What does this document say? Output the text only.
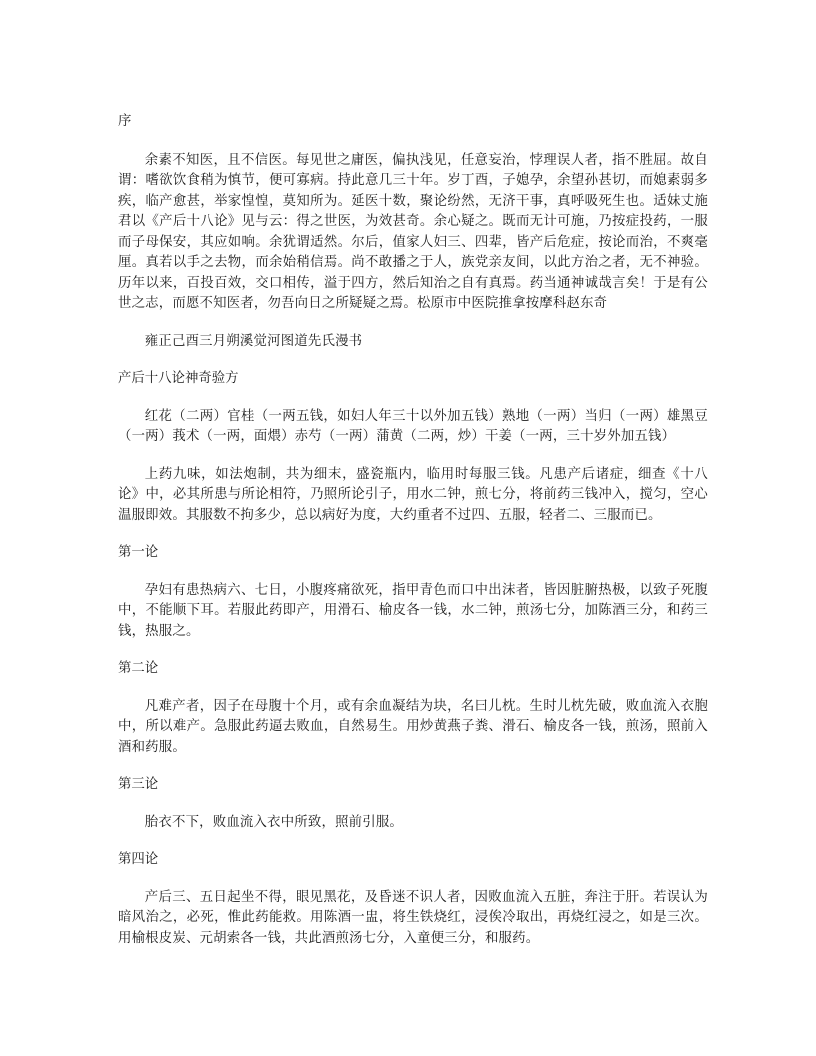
序

余素不知医，且不信医。每见世之庸医，偏执浅见，任意妄治，悖理误人者，指不胜屈。故自谓：嗜欲饮食稍为慎节，便可寡病。持此意几三十年。岁丁酉，子媳孕，余望孙甚切，而媳素弱多疾，临产愈甚，举家惶惶，莫知所为。延医十数，聚论纷然，无济干事，真呼吸死生也。适妹丈施君以《产后十八论》见与云：得之世医，为效甚奇。余心疑之。既而无计可施，乃按症投药，一服而子母保安，其应如响。余犹谓适然。尔后，值家人妇三、四辈，皆产后危症，按论而治，不爽毫厘。真若以手之去物，而余始稍信焉。尚不敢播之于人，族党亲友间，以此方治之者，无不神验。历年以来，百投百效，交口相传，溢于四方，然后知治之自有真焉。药当通神诚哉言矣！于是有公世之志，而愿不知医者，勿吾向日之所疑疑之焉。松原市中医院推拿按摩科赵东奇

雍正己酉三月朔溪觉河图道先氏漫书

产后十八论神奇验方

红花（二两）官桂（一两五钱，如妇人年三十以外加五钱）熟地（一两）当归（一两）雄黑豆（一两）莪术（一两，面煨）赤芍（一两）蒲黄（二两，炒）干姜（一两，三十岁外加五钱）

上药九味，如法炮制，共为细末，盛瓷瓶内，临用时每服三钱。凡患产后诸症，细查《十八论》中，必其所患与所论相符，乃照所论引子，用水二钟，煎七分，将前药三钱冲入，搅匀，空心温服即效。其服数不拘多少，总以病好为度，大约重者不过四、五服，轻者二、三服而已。

第一论

孕妇有患热病六、七日，小腹疼痛欲死，指甲青色而口中出沫者，皆因脏腑热极，以致子死腹中，不能顺下耳。若服此药即产，用滑石、榆皮各一钱，水二钟，煎汤七分，加陈酒三分，和药三钱，热服之。

第二论

凡难产者，因子在母腹十个月，或有余血凝结为块，名曰儿枕。生时儿枕先破，败血流入衣胞中，所以难产。急服此药逼去败血，自然易生。用炒黄燕子粪、滑石、榆皮各一钱，煎汤，照前入酒和药服。

第三论

胎衣不下，败血流入衣中所致，照前引服。

第四论

产后三、五日起坐不得，眼见黑花，及昏迷不识人者，因败血流入五脏，奔注于肝。若误认为暗风治之，必死，惟此药能救。用陈酒一盅，将生铁烧红，浸俟冷取出，再烧红浸之，如是三次。用榆根皮炭、元胡索各一钱，共此酒煎汤七分，入童便三分，和服药。
